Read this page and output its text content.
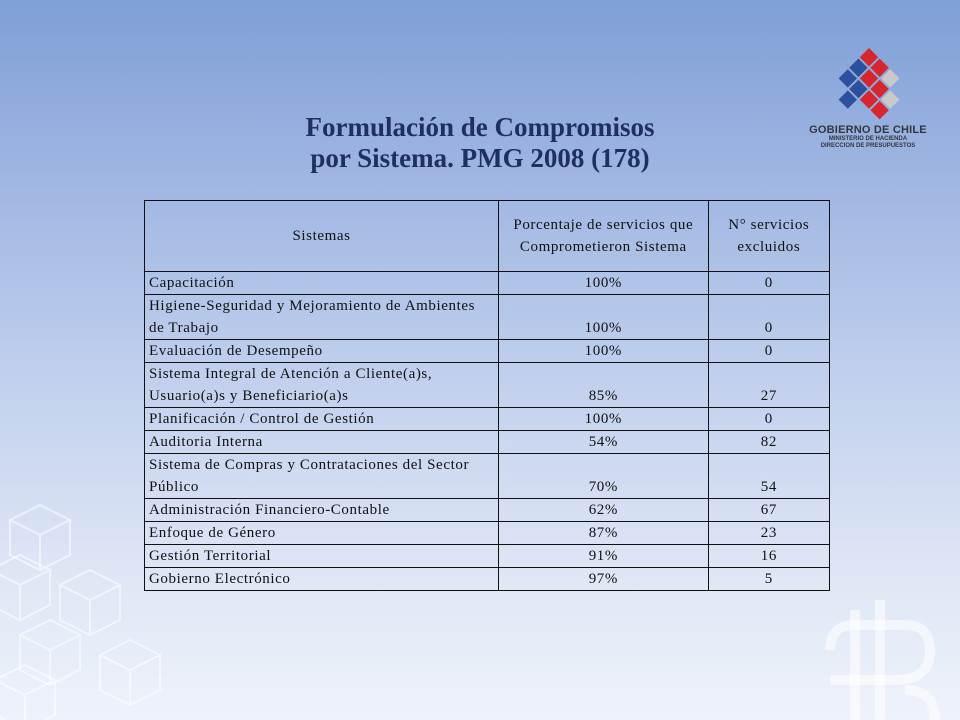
GOBIERNO DE CHILE
MINISTERIO DE HACIENDA
DIRECCION DE PRESUPUESTOS
Formulación de Compromisos
por Sistema. PMG 2008 (178)
Sistemas	Porcentaje de servicios que Comprometieron Sistema	N° servicios excluidos
Capacitación	100%	0
Higiene-Seguridad y Mejoramiento de Ambientes de Trabajo	100%	0
Evaluación de Desempeño	100%	0
Sistema Integral de Atención a Cliente(a)s, Usuario(a)s y Beneficiario(a)s	85%	27
Planificación / Control de Gestión	100%	0
Auditoria Interna	54%	82
Sistema de Compras y Contrataciones del Sector Público	70%	54
Administración Financiero-Contable	62%	67
Enfoque de Género	87%	23
Gestión Territorial	91%	16
Gobierno Electrónico	97%	5
